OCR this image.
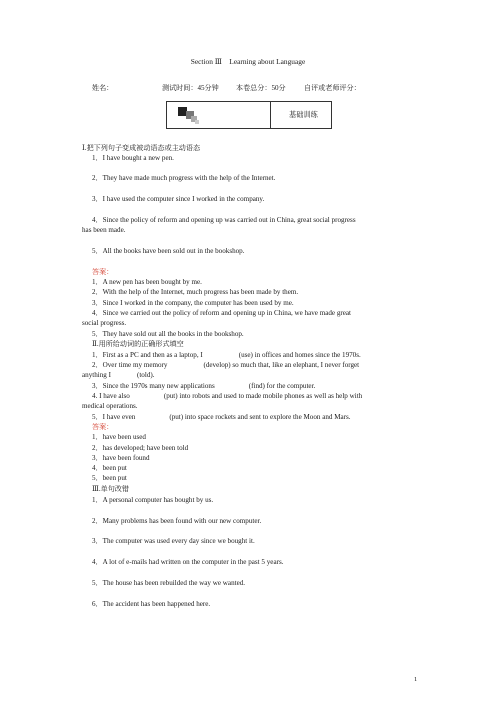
Section Ⅲ　Learning about Language
姓名：	测试时间：45分钟 本卷总分：50分	自评或老师评分：
基础训练
Ⅰ.把下列句子变成被动语态或主动语态
1．I have bought a new pen.
2．They have made much progress with the help of the Internet.
3．I have used the computer since I worked in the company.
4．Since the policy of reform and opening up was carried out in China, great social progress
has been made.
5．All the books have been sold out in the bookshop.
答案：
1．A new pen has been bought by me.
2．With the help of the Internet, much progress has been made by them.
3．Since I worked in the company, the computer has been used by me.
4．Since we carried out the policy of reform and opening up in China, we have made great
social progress.
5．They have sold out all the books in the bookshop.
Ⅱ.用所给动词的正确形式填空
1．First as a PC and then as a laptop, I	(use) in offices and homes since the 1970s.
2．Over time my memory	(develop) so much that, like an elephant, I never forget
anything I	(told).
3．Since the 1970s many new applications	(find) for the computer.
4. I have also	(put) into robots and used to made mobile phones as well as help with
medical operations.
5．I have even	(put) into space rockets and sent to explore the Moon and Mars.
答案：
1．have been used
2．has developed; have been told
3．have been found
4．been put
5．been put
Ⅲ.单句改错
1．A personal computer has bought by us.
2．Many problems has been found with our new computer.
3．The computer was used every day since we bought it.
4．A lot of e-mails had written on the computer in the past 5 years.
5．The house has been rebuilded the way we wanted.
6．The accident has been happened here.
1
